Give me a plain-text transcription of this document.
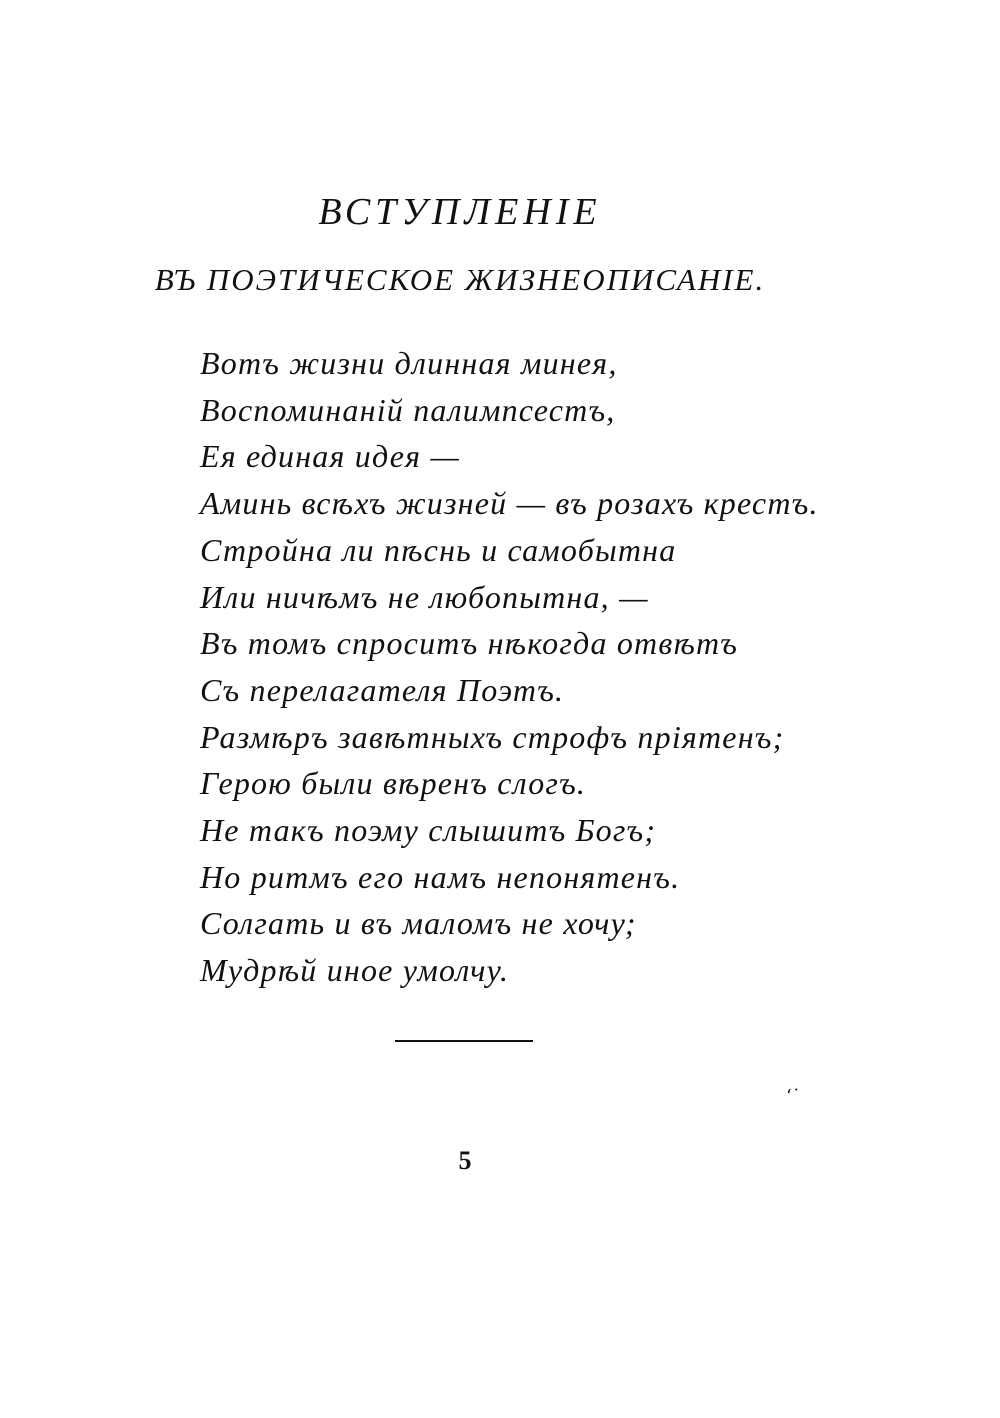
ВСТУПЛЕНІЕ
ВЪ ПОЭТИЧЕСКОЕ ЖИЗНЕОПИСАНІЕ.
Вотъ жизни длинная минея,
Воспоминаній палимпсестъ,
Ея единая идея —
Аминь всѣхъ жизней — въ розахъ крестъ.
Стройна ли пѣснь и самобытна
Или ничѣмъ не любопытна, —
Въ томъ спроситъ нѣкогда отвѣтъ
Съ перелагателя Поэтъ.
Размѣръ завѣтныхъ строфъ пріятенъ;
Герою были вѣренъ слогъ.
Не такъ поэму слышитъ Богъ;
Но ритмъ его намъ непонятенъ.
Солгать и въ маломъ не хочу;
Мудрѣй иное умолчу.
ʻ˙
5
